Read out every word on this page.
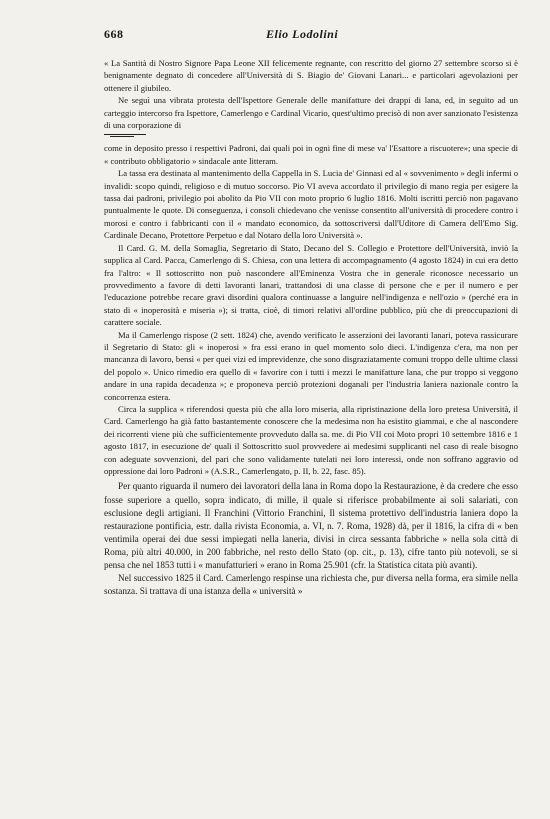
668	Elio Lodolini

« La Santità di Nostro Signore Papa Leone XII felicemente regnante, con rescritto del giorno 27 settembre scorso si è benignamente degnato di concedere all'Università di S. Biagio de' Giovani Lanari... e particolari agevolazioni per ottenere il giubileo.

Ne seguì una vibrata protesta dell'Ispettore Generale delle manifatture dei drappi di lana, ed, in seguito ad un carteggio intercorso fra Ispettore, Camerlengo e Cardinal Vicario, quest'ultimo precisò di non aver sanzionato l'esistenza di una corporazione di

come in deposito presso i respettivi Padroni, dai quali poi in ogni fine di mese va' l'Esattore a riscuotere»; una specie di « contributo obbligatorio » sindacale ante litteram.

La tassa era destinata al mantenimento della Cappella in S. Lucia de' Ginnasi ed al « sovvenimento » degli infermi o invalidi: scopo quindi, religioso e di mutuo soccorso. Pio VI aveva accordato il privilegio di mano regia per esigere la tassa dai padroni, privilegio poi abolito da Pio VII con moto proprio 6 luglio 1816. Molti iscritti perciò non pagavano puntualmente le quote. Di conseguenza, i consoli chiedevano che venisse consentito all'università di procedere contro i morosi e contro i fabbricanti con il « mandato economico, da sottoscriversi dall'Uditore di Camera dell'Emo Sig. Cardinale Decano, Protettore Perpetuo e dal Notaro della loro Università ».

Il Card. G. M. della Somaglia, Segretario di Stato, Decano del S. Collegio e Protettore dell'Università, inviò la supplica al Card. Pacca, Camerlengo di S. Chiesa, con una lettera di accompagnamento (4 agosto 1824) in cui era detto fra l'altro: « Il sottoscritto non può nascondere all'Eminenza Vostra che in generale riconosce necessario un provvedimento a favore di detti lavoranti lanari, trattandosi di una classe di persone che e per il numero e per l'educazione potrebbe recare gravi disordini qualora continuasse a languire nell'indigenza e nell'ozio » (perché era in stato di « inoperosità e miseria »); si tratta, cioè, di timori relativi all'ordine pubblico, più che di preoccupazioni di carattere sociale.

Ma il Camerlengo rispose (2 sett. 1824) che, avendo verificato le asserzioni dei lavoranti lanari, poteva rassicurare il Segretario di Stato: gli « inoperosi » fra essi erano in quel momento solo dieci. L'indigenza c'era, ma non per mancanza di lavoro, bensì « per quei vizi ed imprevidenze, che sono disgraziatamente comuni troppo delle ultime classi del popolo ». Unico rimedio era quello di « favorire con i tutti i mezzi le manifatture lana, che pur troppo si veggono andare in una rapida decadenza »; e proponeva perciò protezioni doganali per l'industria laniera nazionale contro la concorrenza estera.

Circa la supplica « riferendosi questa più che alla loro miseria, alla ripristinazione della loro pretesa Università, il Card. Camerlengo ha già fatto bastantemente conoscere che la medesima non ha esistito giammai, e che al nascondere dei ricorrenti viene più che sufficientemente provveduto dalla sa. me. di Pio VII coi Moto propri 10 settembre 1816 e 1 agosto 1817, in esecuzione de' quali il Sottoscritto suol provvedere ai medesimi supplicanti nel caso di reale bisogno con adeguate sovvenzioni, del pari che sono validamente tutelati nei loro interessi, onde non soffrano aggravio od oppressione dai loro Padroni » (A.S.R., Camerlengato, p. II, b. 22, fasc. 85).

Per quanto riguarda il numero dei lavoratori della lana in Roma dopo la Restaurazione, è da credere che esso fosse superiore a quello, sopra indicato, di mille, il quale si riferisce probabilmente ai soli salariati, con esclusione degli artigiani. Il Franchini (Vittorio Franchini, Il sistema protettivo dell'industria laniera dopo la restaurazione pontificia, estr. dalla rivista Economia, a. VI, n. 7. Roma, 1928) dà, per il 1816, la cifra di « ben ventimila operai dei due sessi impiegati nella laneria, divisi in circa sessanta fabbriche » nella sola città di Roma, più altri 40.000, in 200 fabbriche, nel resto dello Stato (op. cit., p. 13), cifre tanto più notevoli, se si pensa che nel 1853 tutti i « manufatturieri » erano in Roma 25.901 (cfr. la Statistica citata più avanti).

Nel successivo 1825 il Card. Camerlengo respinse una richiesta che, pur diversa nella forma, era simile nella sostanza. Si trattava di una istanza della « università »
